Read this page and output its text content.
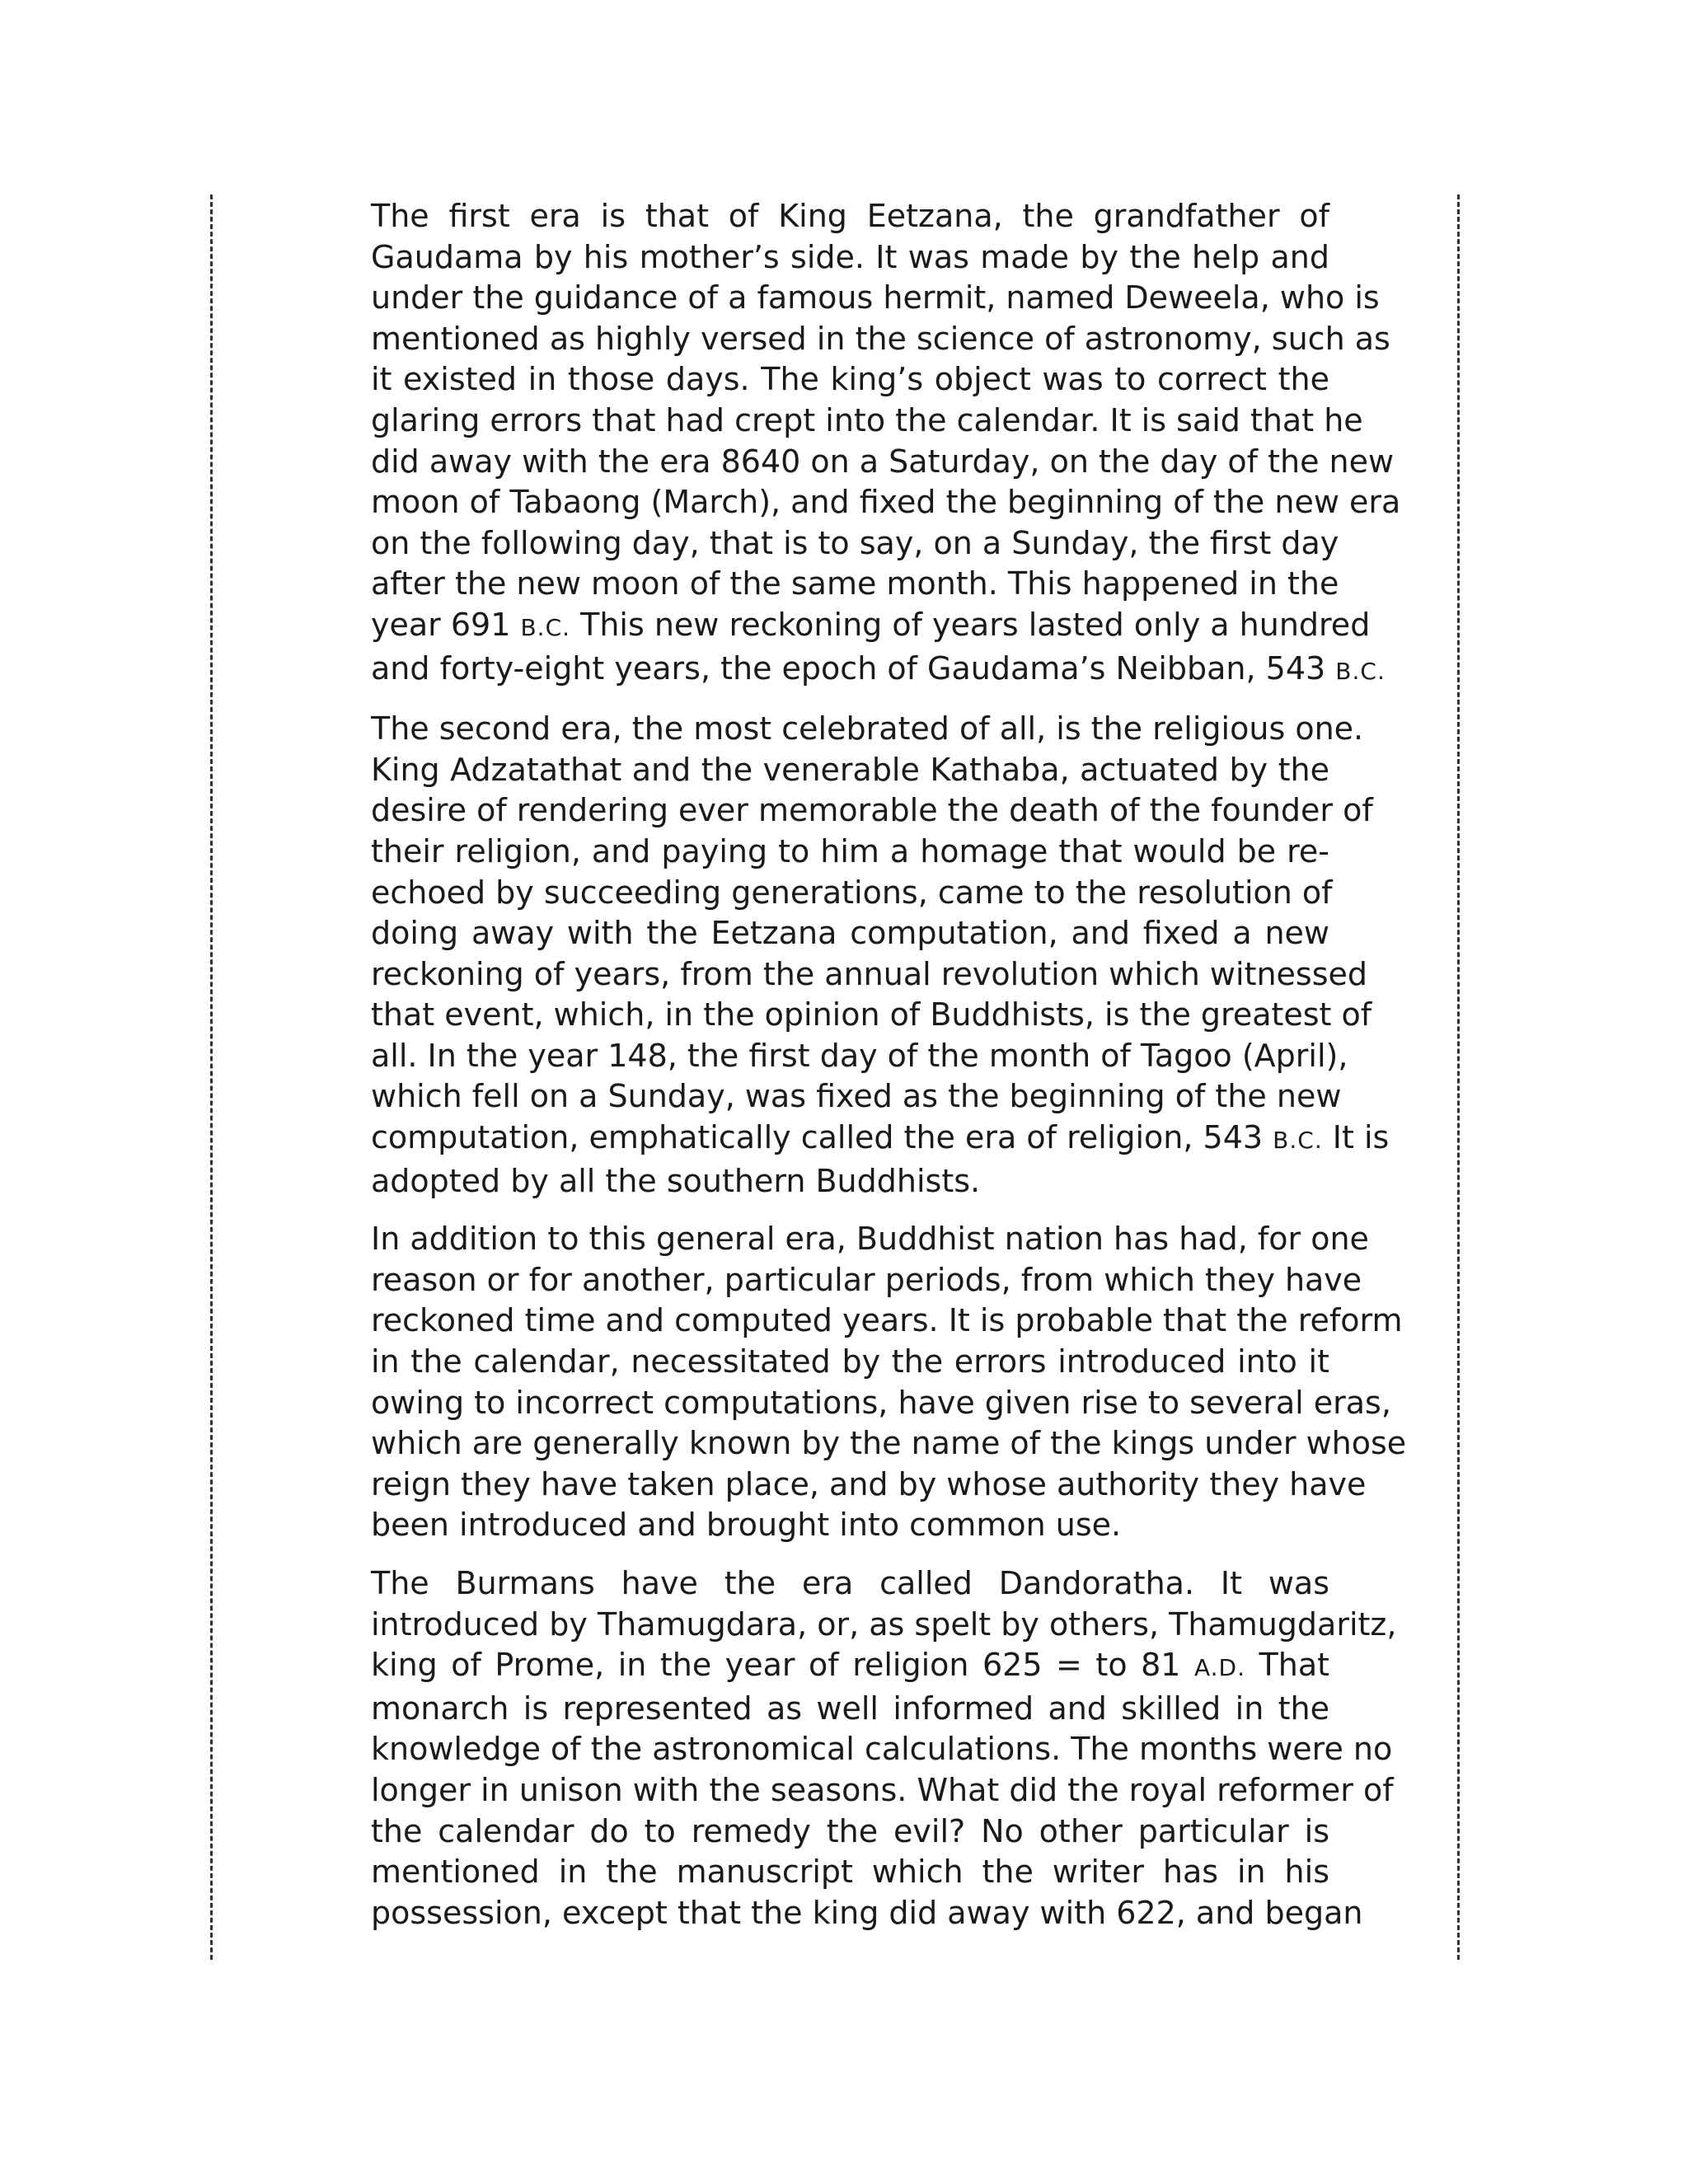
The first era is that of King Eetzana, the grandfather of
Gaudama by his mother’s side. It was made by the help and
under the guidance of a famous hermit, named Deweela, who is
mentioned as highly versed in the science of astronomy, such as
it existed in those days. The king’s object was to correct the
glaring errors that had crept into the calendar. It is said that he
did away with the era 8640 on a Saturday, on the day of the new
moon of Tabaong (March), and fixed the beginning of the new era
on the following day, that is to say, on a Sunday, the first day
after the new moon of the same month. This happened in the
year 691 B.C. This new reckoning of years lasted only a hundred
and forty-eight years, the epoch of Gaudama’s Neibban, 543 B.C.
The second era, the most celebrated of all, is the religious one.
King Adzatathat and the venerable Kathaba, actuated by the
desire of rendering ever memorable the death of the founder of
their religion, and paying to him a homage that would be re-
echoed by succeeding generations, came to the resolution of
doing away with the Eetzana computation, and fixed a new
reckoning of years, from the annual revolution which witnessed
that event, which, in the opinion of Buddhists, is the greatest of
all. In the year 148, the first day of the month of Tagoo (April),
which fell on a Sunday, was fixed as the beginning of the new
computation, emphatically called the era of religion, 543 B.C. It is
adopted by all the southern Buddhists.
In addition to this general era, Buddhist nation has had, for one
reason or for another, particular periods, from which they have
reckoned time and computed years. It is probable that the reform
in the calendar, necessitated by the errors introduced into it
owing to incorrect computations, have given rise to several eras,
which are generally known by the name of the kings under whose
reign they have taken place, and by whose authority they have
been introduced and brought into common use.
The Burmans have the era called Dandoratha. It was
introduced by Thamugdara, or, as spelt by others, Thamugdaritz,
king of Prome, in the year of religion 625 = to 81 A.D. That
monarch is represented as well informed and skilled in the
knowledge of the astronomical calculations. The months were no
longer in unison with the seasons. What did the royal reformer of
the calendar do to remedy the evil? No other particular is
mentioned in the manuscript which the writer has in his
possession, except that the king did away with 622, and began
